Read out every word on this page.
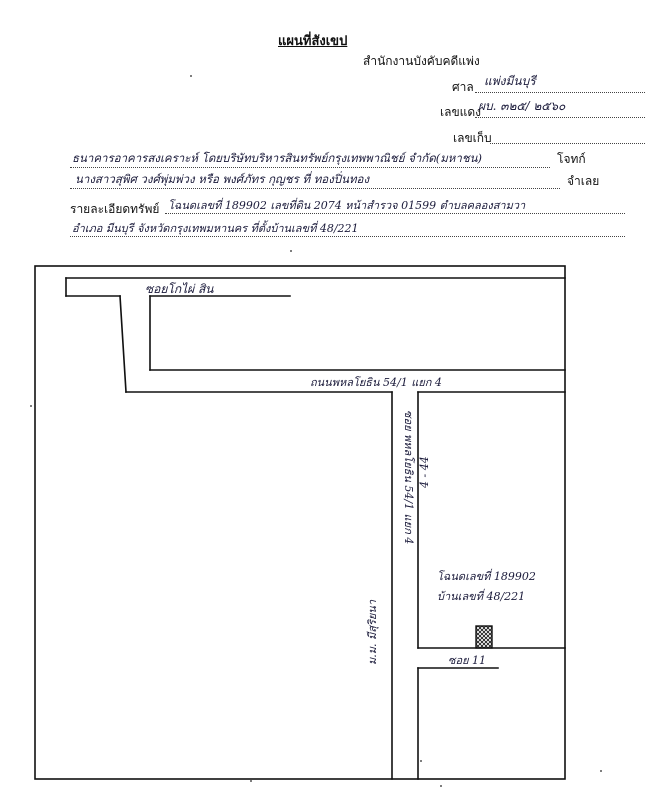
แผนที่สังเขป
สำนักงานบังคับคดีแพ่ง
ศาล แพ่งมีนบุรี
เลขแดง
ผบ. ๓๒๕/ ๒๕๖๐
เลขเก็บ
ธนาคารอาคารสงเคราะห์ โดยบริษัทบริหารสินทรัพย์กรุงเทพพาณิชย์ จำกัด(มหาชน)	โจทก์
นางสาวสุพิศ วงศ์พุ่มพ่วง หรือ พงศ์ภัทร กุญชร ที่ ทองปิ่นทอง	จำเลย
รายละเอียดทรัพย์ โฉนดเลขที่ 189902 เลขที่ดิน 2074 หน้าสำรวจ 01599 ตำบลคลองสามวา
อำเภอ มีนบุรี จังหวัดกรุงเทพมหานคร ที่ตั้งบ้านเลขที่ 48/221
ซอยโกไผ่ สิน
ถนนพหลโยธิน 54/1 แยก 4
ซอย พหลโยธิน 54/1 แยก 4 4 - 44
โฉนดเลขที่ 189902
บ้านเลขที่ 48/221
ซอย 11
ม.ม. มีสุริยนา
